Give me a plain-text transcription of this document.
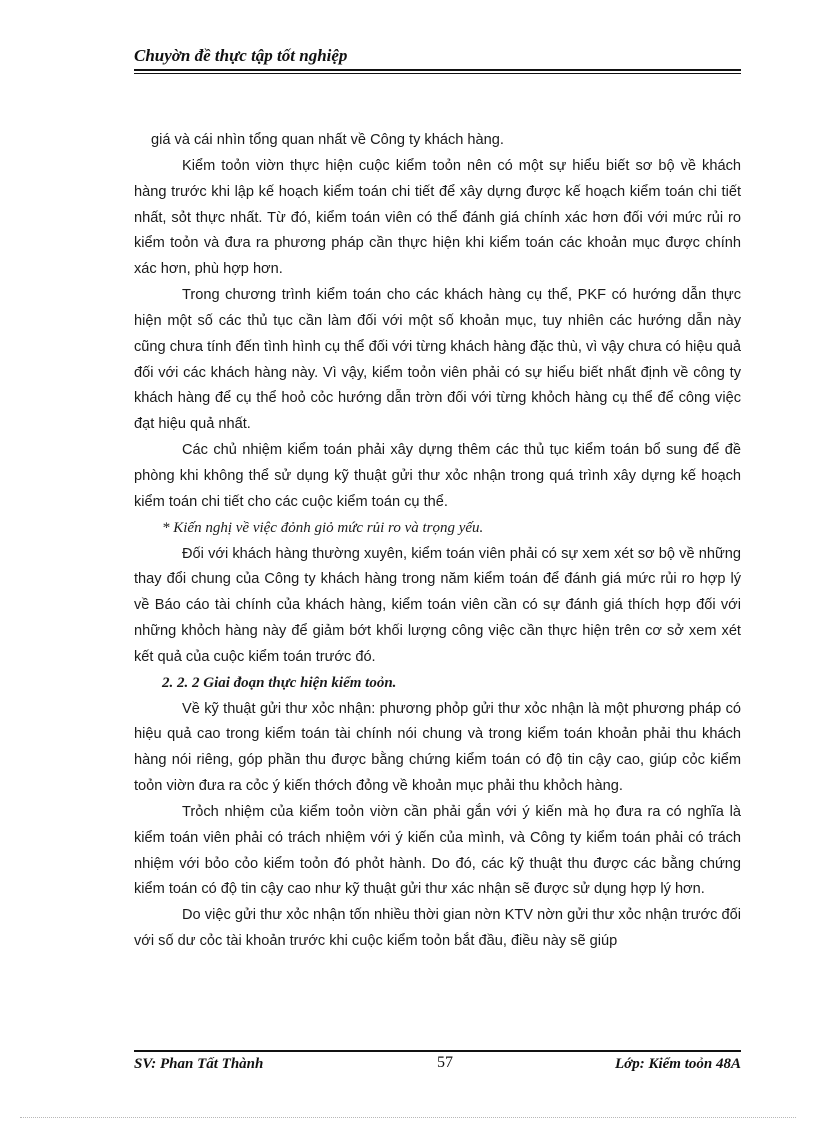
Chuyờn đề thực tập tốt nghiệp

giá và cái nhìn tổng quan nhất về Công ty khách hàng.

Kiểm toỏn viờn thực hiện cuộc kiểm toỏn nên có một sự hiểu biết sơ bộ về khách hàng trước khi lập kế hoạch kiểm toán chi tiết để xây dựng được kế hoạch kiểm toán chi tiết nhất, sỏt thực nhất. Từ đó, kiểm toán viên có thể đánh giá chính xác hơn đối với mức rủi ro kiểm toỏn và đưa ra phương pháp cần thực hiện khi kiểm toán các khoản mục được chính xác hơn, phù hợp hơn.

Trong chương trình kiểm toán cho các khách hàng cụ thể, PKF có hướng dẫn thực hiện một số các thủ tục cần làm đối với một số khoản mục, tuy nhiên các hướng dẫn này cũng chưa tính đến tình hình cụ thể đối với từng khách hàng đặc thù, vì vậy chưa có hiệu quả đối với các khách hàng này. Vì vậy, kiểm toỏn viên phải có sự hiểu biết nhất định về công ty khách hàng để cụ thể hoỏ cỏc hướng dẫn trờn đối với từng khỏch hàng cụ thể để công việc đạt hiệu quả nhất.

Các chủ nhiệm kiểm toán phải xây dựng thêm các thủ tục kiểm toán bổ sung để đề phòng khi không thể sử dụng kỹ thuật gửi thư xỏc nhận trong quá trình xây dựng kế hoạch kiểm toán chi tiết cho các cuộc kiểm toán cụ thể.

* Kiến nghị về việc đỏnh giỏ mức rủi ro và trọng yếu.

Đối với khách hàng thường xuyên, kiểm toán viên phải có sự xem xét sơ bộ về những thay đổi chung của Công ty khách hàng trong năm kiểm toán để đánh giá mức rủi ro hợp lý về Báo cáo tài chính của khách hàng, kiểm toán viên cần có sự đánh giá thích hợp đối với những khỏch hàng này để giảm bớt khối lượng công việc cần thực hiện trên cơ sở xem xét kết quả của cuộc kiểm toán trước đó.

2. 2. 2 Giai đoạn thực hiện kiểm toỏn.

Về kỹ thuật gửi thư xỏc nhận: phương phỏp gửi thư xỏc nhận là một phương pháp có hiệu quả cao trong kiểm toán tài chính nói chung và trong kiểm toán khoản phải thu khách hàng nói riêng, góp phần thu được bằng chứng kiểm toán có độ tin cậy cao, giúp cỏc kiểm toỏn viờn đưa ra cỏc ý kiến thớch đỏng về khoản mục phải thu khỏch hàng.

Trỏch nhiệm của kiểm toỏn viờn cần phải gắn với ý kiến mà họ đưa ra có nghĩa là kiểm toán viên phải có trách nhiệm với ý kiến của mình, và Công ty kiểm toán phải có trách nhiệm với bỏo cỏo kiểm toỏn đó phỏt hành. Do đó, các kỹ thuật thu được các bằng chứng kiểm toán có độ tin cậy cao như kỹ thuật gửi thư xác nhận sẽ được sử dụng hợp lý hơn.

Do việc gửi thư xỏc nhận tốn nhiều thời gian nờn KTV nờn gửi thư xỏc nhận trước đối với số dư cỏc tài khoản trước khi cuộc kiểm toỏn bắt đầu, điều này sẽ giúp

SV: Phan Tất Thành	57	Lớp: Kiểm toỏn 48A
